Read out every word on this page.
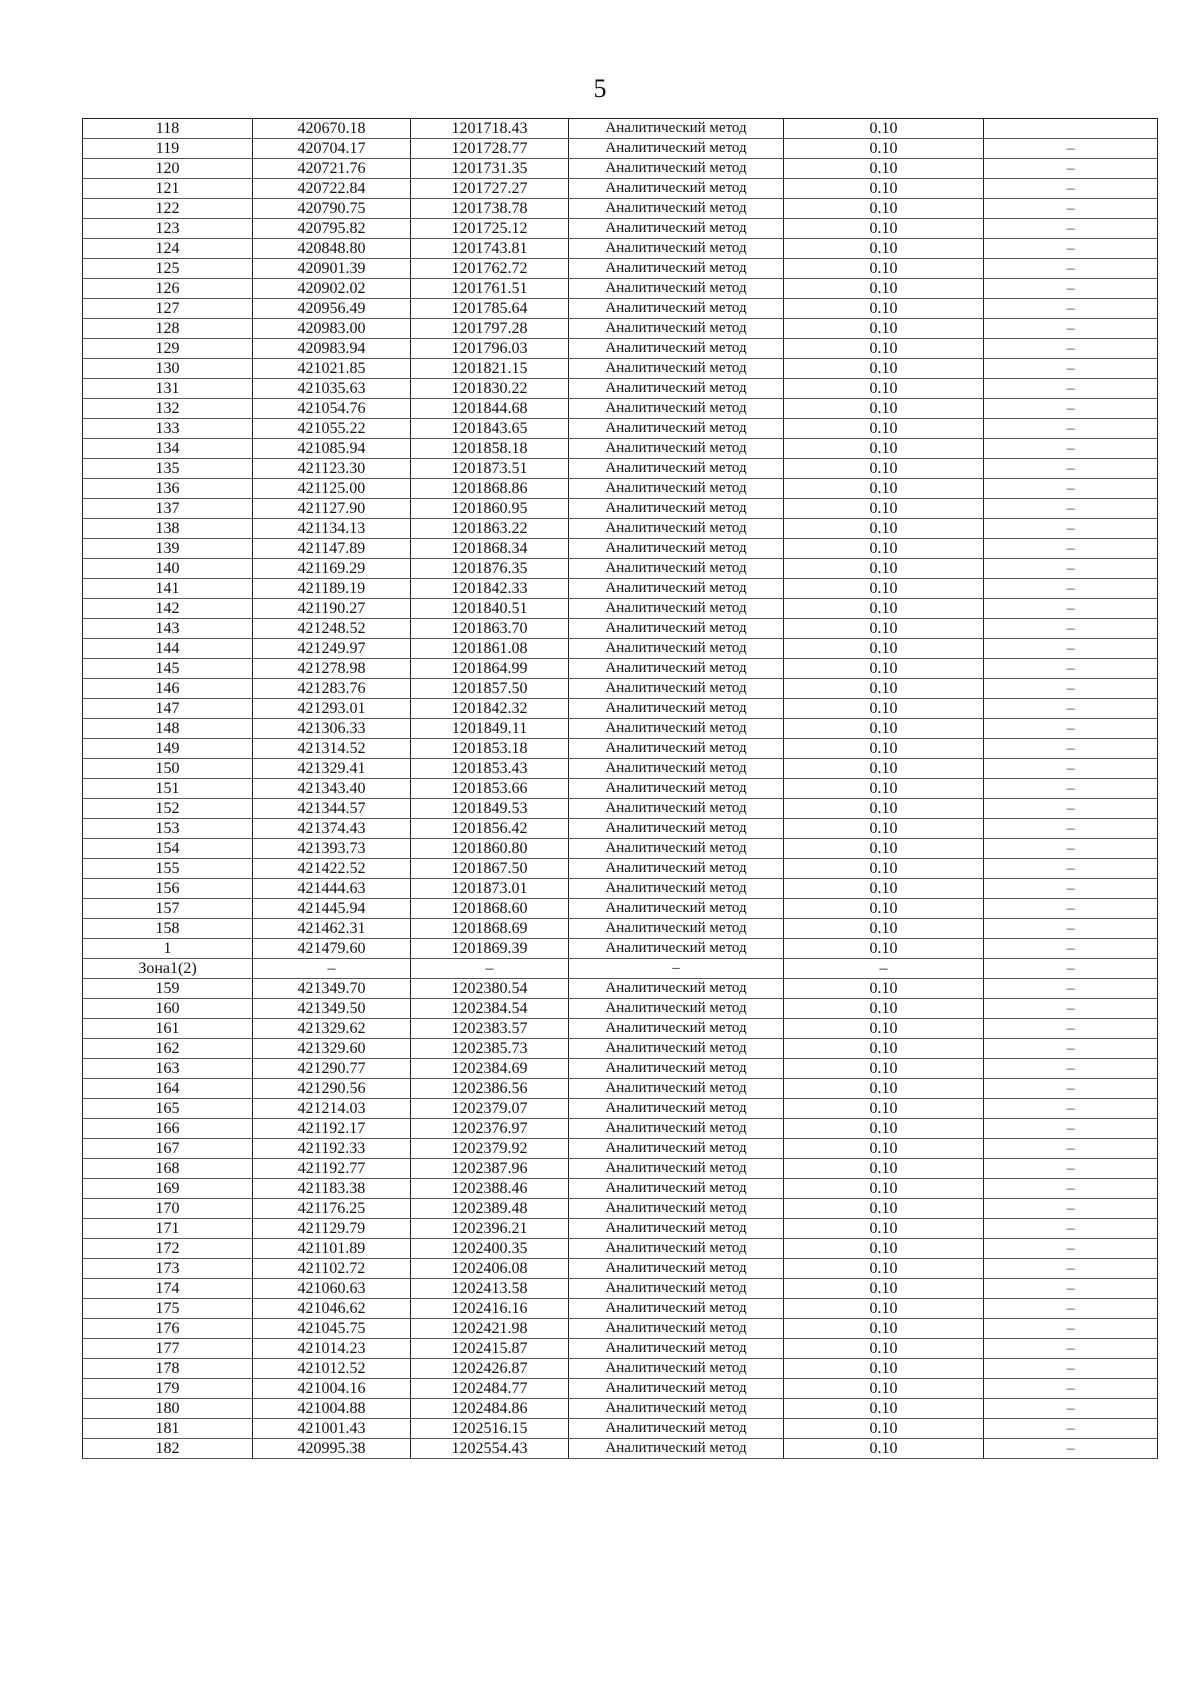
5
118	420670.18	1201718.43	Аналитический метод	0.10	
119	420704.17	1201728.77	Аналитический метод	0.10	–
120	420721.76	1201731.35	Аналитический метод	0.10	–
121	420722.84	1201727.27	Аналитический метод	0.10	–
122	420790.75	1201738.78	Аналитический метод	0.10	–
123	420795.82	1201725.12	Аналитический метод	0.10	–
124	420848.80	1201743.81	Аналитический метод	0.10	–
125	420901.39	1201762.72	Аналитический метод	0.10	–
126	420902.02	1201761.51	Аналитический метод	0.10	–
127	420956.49	1201785.64	Аналитический метод	0.10	–
128	420983.00	1201797.28	Аналитический метод	0.10	–
129	420983.94	1201796.03	Аналитический метод	0.10	–
130	421021.85	1201821.15	Аналитический метод	0.10	–
131	421035.63	1201830.22	Аналитический метод	0.10	–
132	421054.76	1201844.68	Аналитический метод	0.10	–
133	421055.22	1201843.65	Аналитический метод	0.10	–
134	421085.94	1201858.18	Аналитический метод	0.10	–
135	421123.30	1201873.51	Аналитический метод	0.10	–
136	421125.00	1201868.86	Аналитический метод	0.10	–
137	421127.90	1201860.95	Аналитический метод	0.10	–
138	421134.13	1201863.22	Аналитический метод	0.10	–
139	421147.89	1201868.34	Аналитический метод	0.10	–
140	421169.29	1201876.35	Аналитический метод	0.10	–
141	421189.19	1201842.33	Аналитический метод	0.10	–
142	421190.27	1201840.51	Аналитический метод	0.10	–
143	421248.52	1201863.70	Аналитический метод	0.10	–
144	421249.97	1201861.08	Аналитический метод	0.10	–
145	421278.98	1201864.99	Аналитический метод	0.10	–
146	421283.76	1201857.50	Аналитический метод	0.10	–
147	421293.01	1201842.32	Аналитический метод	0.10	–
148	421306.33	1201849.11	Аналитический метод	0.10	–
149	421314.52	1201853.18	Аналитический метод	0.10	–
150	421329.41	1201853.43	Аналитический метод	0.10	–
151	421343.40	1201853.66	Аналитический метод	0.10	–
152	421344.57	1201849.53	Аналитический метод	0.10	–
153	421374.43	1201856.42	Аналитический метод	0.10	–
154	421393.73	1201860.80	Аналитический метод	0.10	–
155	421422.52	1201867.50	Аналитический метод	0.10	–
156	421444.63	1201873.01	Аналитический метод	0.10	–
157	421445.94	1201868.60	Аналитический метод	0.10	–
158	421462.31	1201868.69	Аналитический метод	0.10	–
1	421479.60	1201869.39	Аналитический метод	0.10	–
Зона1(2)	–	–	–	–	–
159	421349.70	1202380.54	Аналитический метод	0.10	–
160	421349.50	1202384.54	Аналитический метод	0.10	–
161	421329.62	1202383.57	Аналитический метод	0.10	–
162	421329.60	1202385.73	Аналитический метод	0.10	–
163	421290.77	1202384.69	Аналитический метод	0.10	–
164	421290.56	1202386.56	Аналитический метод	0.10	–
165	421214.03	1202379.07	Аналитический метод	0.10	–
166	421192.17	1202376.97	Аналитический метод	0.10	–
167	421192.33	1202379.92	Аналитический метод	0.10	–
168	421192.77	1202387.96	Аналитический метод	0.10	–
169	421183.38	1202388.46	Аналитический метод	0.10	–
170	421176.25	1202389.48	Аналитический метод	0.10	–
171	421129.79	1202396.21	Аналитический метод	0.10	–
172	421101.89	1202400.35	Аналитический метод	0.10	–
173	421102.72	1202406.08	Аналитический метод	0.10	–
174	421060.63	1202413.58	Аналитический метод	0.10	–
175	421046.62	1202416.16	Аналитический метод	0.10	–
176	421045.75	1202421.98	Аналитический метод	0.10	–
177	421014.23	1202415.87	Аналитический метод	0.10	–
178	421012.52	1202426.87	Аналитический метод	0.10	–
179	421004.16	1202484.77	Аналитический метод	0.10	–
180	421004.88	1202484.86	Аналитический метод	0.10	–
181	421001.43	1202516.15	Аналитический метод	0.10	–
182	420995.38	1202554.43	Аналитический метод	0.10	–
